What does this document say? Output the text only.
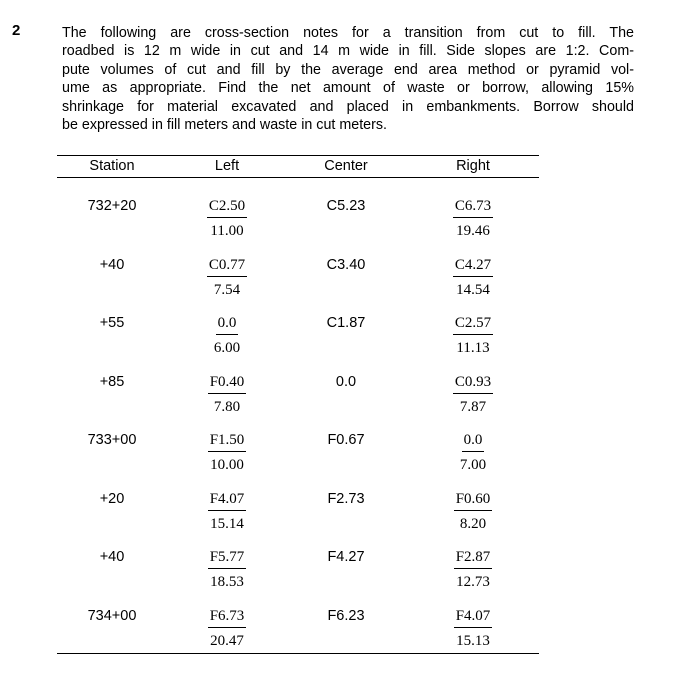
2	The following are cross-section notes for a transition from cut to fill. The
roadbed is 12 m wide in cut and 14 m wide in fill. Side slopes are 1:2. Com-
pute volumes of cut and fill by the average end area method or pyramid vol-
ume as appropriate. Find the net amount of waste or borrow, allowing 15%
shrinkage for material excavated and placed in embankments. Borrow should
be expressed in fill meters and waste in cut meters.

Station	Left	Center	Right
732+20	$\frac{C2.50}{11.00}$	C5.23	$\frac{C6.73}{19.46}$
+40	$\frac{C0.77}{7.54}$	C3.40	$\frac{C4.27}{14.54}$
+55	$\frac{0.0}{6.00}$	C1.87	$\frac{C2.57}{11.13}$
+85	$\frac{F0.40}{7.80}$	0.0	$\frac{C0.93}{7.87}$
733+00	$\frac{F1.50}{10.00}$	F0.67	$\frac{0.0}{7.00}$
+20	$\frac{F4.07}{15.14}$	F2.73	$\frac{F0.60}{8.20}$
+40	$\frac{F5.77}{18.53}$	F4.27	$\frac{F2.87}{12.73}$
734+00	$\frac{F6.73}{20.47}$	F6.23	$\frac{F4.07}{15.13}$
